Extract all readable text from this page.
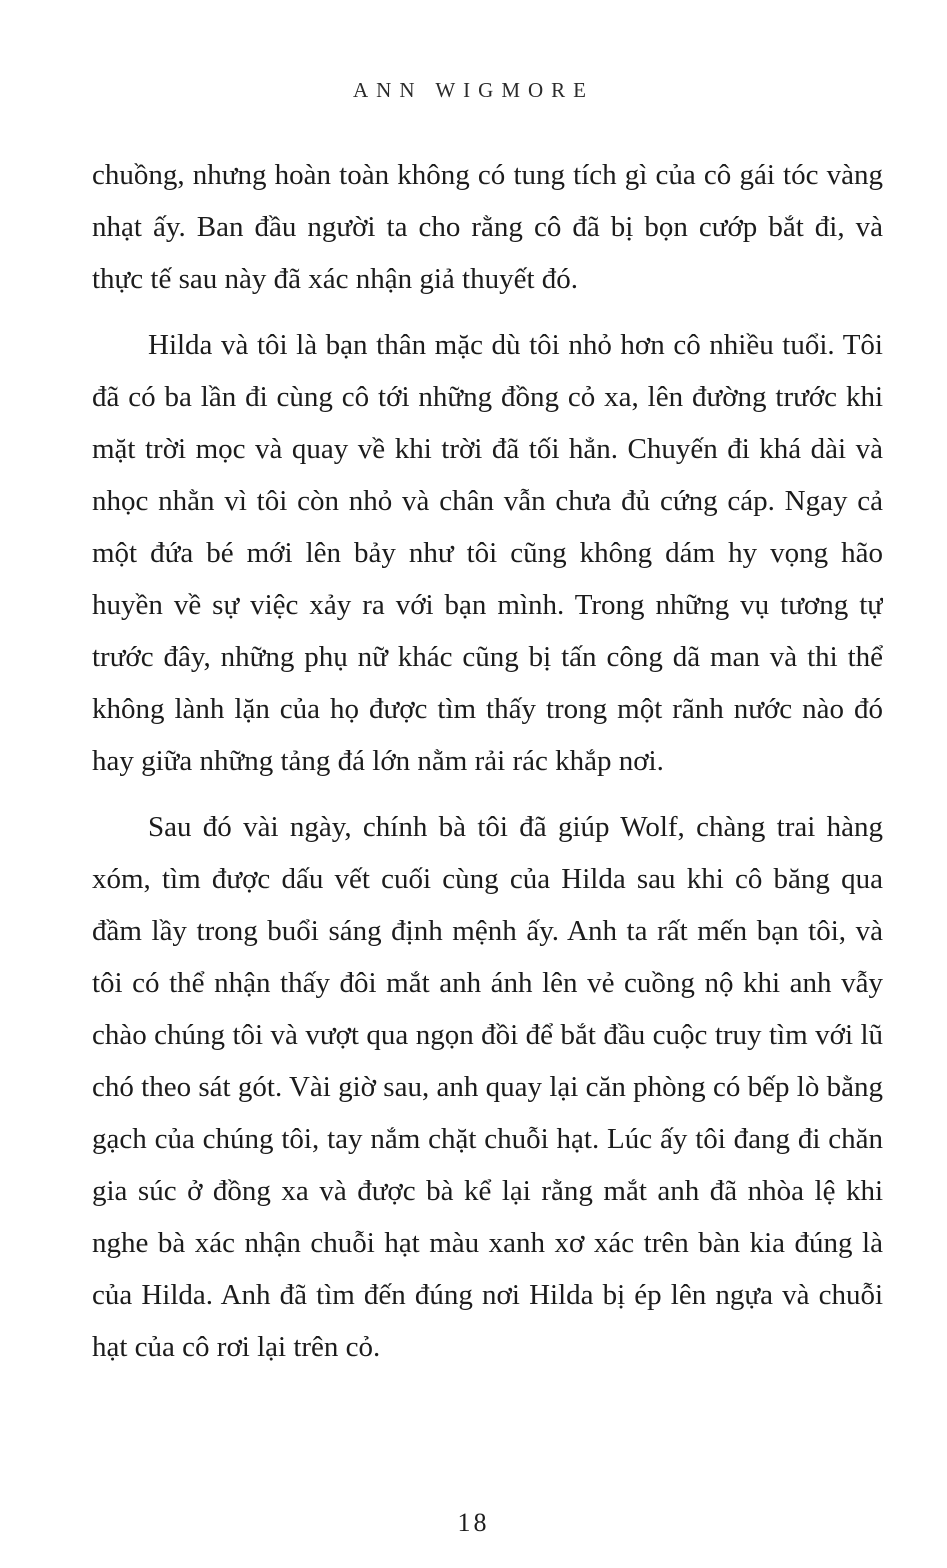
ANN WIGMORE

chuồng, nhưng hoàn toàn không có tung tích gì của cô gái tóc vàng nhạt ấy. Ban đầu người ta cho rằng cô đã bị bọn cướp bắt đi, và thực tế sau này đã xác nhận giả thuyết đó.

Hilda và tôi là bạn thân mặc dù tôi nhỏ hơn cô nhiều tuổi. Tôi đã có ba lần đi cùng cô tới những đồng cỏ xa, lên đường trước khi mặt trời mọc và quay về khi trời đã tối hẳn. Chuyến đi khá dài và nhọc nhằn vì tôi còn nhỏ và chân vẫn chưa đủ cứng cáp. Ngay cả một đứa bé mới lên bảy như tôi cũng không dám hy vọng hão huyền về sự việc xảy ra với bạn mình. Trong những vụ tương tự trước đây, những phụ nữ khác cũng bị tấn công dã man và thi thể không lành lặn của họ được tìm thấy trong một rãnh nước nào đó hay giữa những tảng đá lớn nằm rải rác khắp nơi.

Sau đó vài ngày, chính bà tôi đã giúp Wolf, chàng trai hàng xóm, tìm được dấu vết cuối cùng của Hilda sau khi cô băng qua đầm lầy trong buổi sáng định mệnh ấy. Anh ta rất mến bạn tôi, và tôi có thể nhận thấy đôi mắt anh ánh lên vẻ cuồng nộ khi anh vẫy chào chúng tôi và vượt qua ngọn đồi để bắt đầu cuộc truy tìm với lũ chó theo sát gót. Vài giờ sau, anh quay lại căn phòng có bếp lò bằng gạch của chúng tôi, tay nắm chặt chuỗi hạt. Lúc ấy tôi đang đi chăn gia súc ở đồng xa và được bà kể lại rằng mắt anh đã nhòa lệ khi nghe bà xác nhận chuỗi hạt màu xanh xơ xác trên bàn kia đúng là của Hilda. Anh đã tìm đến đúng nơi Hilda bị ép lên ngựa và chuỗi hạt của cô rơi lại trên cỏ.

18
